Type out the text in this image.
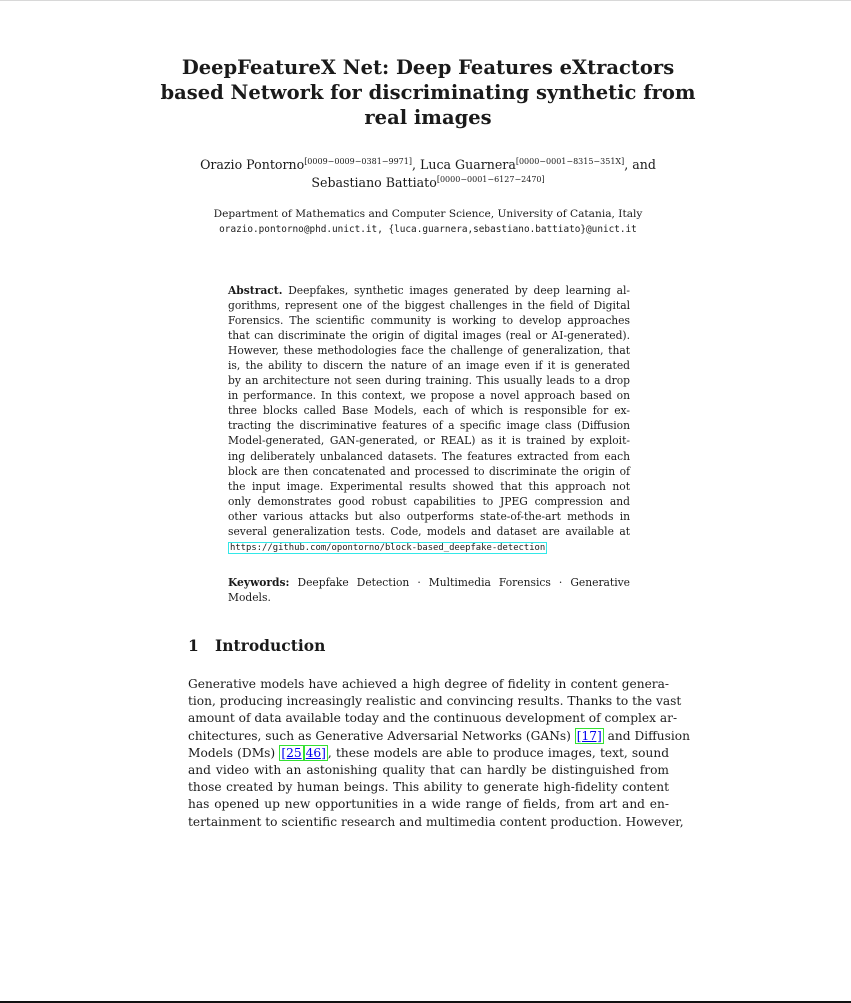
DeepFeatureX Net: Deep Features eXtractors
based Network for discriminating synthetic from
real images
Orazio Pontorno[0009−0009−0381−9971], Luca Guarnera[0000−0001−8315−351X], and
Sebastiano Battiato[0000−0001−6127−2470]
Department of Mathematics and Computer Science, University of Catania, Italy
orazio.pontorno@phd.unict.it, {luca.guarnera,sebastiano.battiato}@unict.it
Abstract. Deepfakes, synthetic images generated by deep learning al-
gorithms, represent one of the biggest challenges in the field of Digital
Forensics. The scientific community is working to develop approaches
that can discriminate the origin of digital images (real or AI-generated).
However, these methodologies face the challenge of generalization, that
is, the ability to discern the nature of an image even if it is generated
by an architecture not seen during training. This usually leads to a drop
in performance. In this context, we propose a novel approach based on
three blocks called Base Models, each of which is responsible for ex-
tracting the discriminative features of a specific image class (Diffusion
Model-generated, GAN-generated, or REAL) as it is trained by exploit-
ing deliberately unbalanced datasets. The features extracted from each
block are then concatenated and processed to discriminate the origin of
the input image. Experimental results showed that this approach not
only demonstrates good robust capabilities to JPEG compression and
other various attacks but also outperforms state-of-the-art methods in
several generalization tests. Code, models and dataset are available at
https://github.com/opontorno/block-based_deepfake-detection
Keywords: Deepfake Detection · Multimedia Forensics · Generative
Models.
1 Introduction
Generative models have achieved a high degree of fidelity in content genera-
tion, producing increasingly realistic and convincing results. Thanks to the vast
amount of data available today and the continuous development of complex ar-
chitectures, such as Generative Adversarial Networks (GANs) [17] and Diffusion
Models (DMs) [25 46] , these models are able to produce images, text, sound
and video with an astonishing quality that can hardly be distinguished from
those created by human beings. This ability to generate high-fidelity content
has opened up new opportunities in a wide range of fields, from art and en-
tertainment to scientific research and multimedia content production. However,
